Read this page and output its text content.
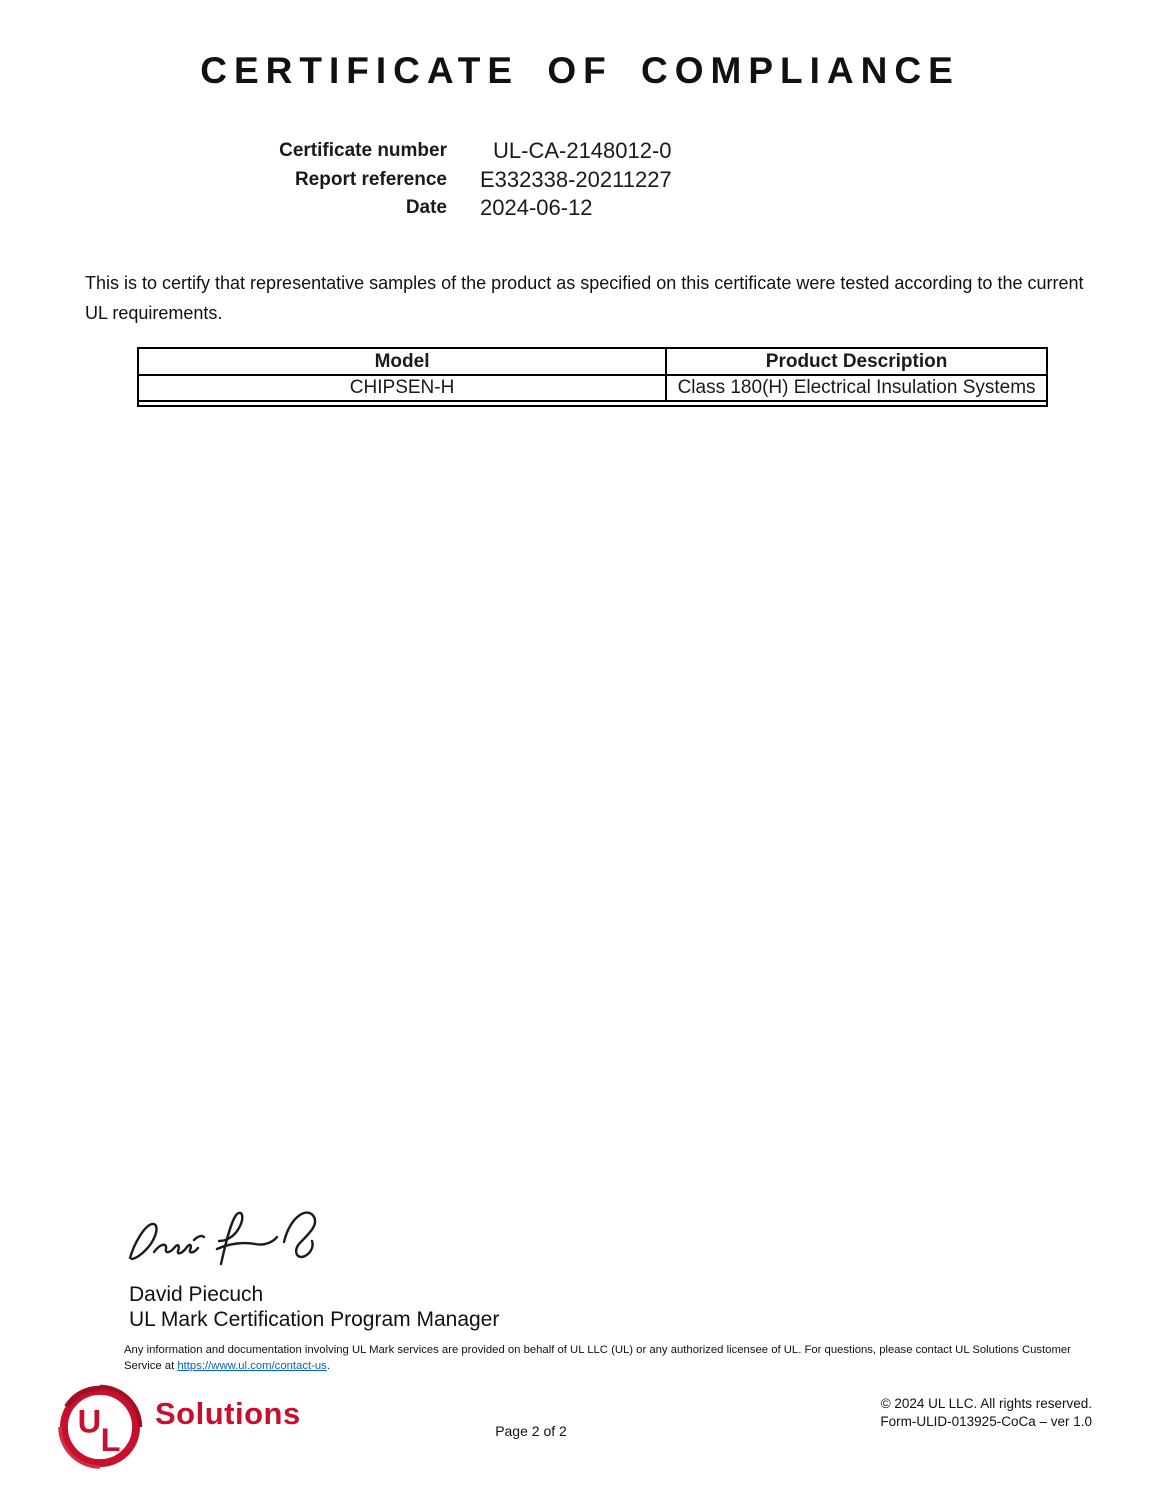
CERTIFICATE OF COMPLIANCE
Certificate number UL-CA-2148012-0
Report reference E332338-20211227
Date 2024-06-12

This is to certify that representative samples of the product as specified on this certificate were tested according to the current UL requirements.

Model	Product Description
CHIPSEN-H	Class 180(H) Electrical Insulation Systems

David Piecuch
UL Mark Certification Program Manager

Any information and documentation involving UL Mark services are provided on behalf of UL LLC (UL) or any authorized licensee of UL. For questions, please contact UL Solutions Customer Service at https://www.ul.com/contact-us.

U
L
Solutions	Page 2 of 2
© 2024 UL LLC. All rights reserved.
Form-ULID-013925-CoCa – ver 1.0
